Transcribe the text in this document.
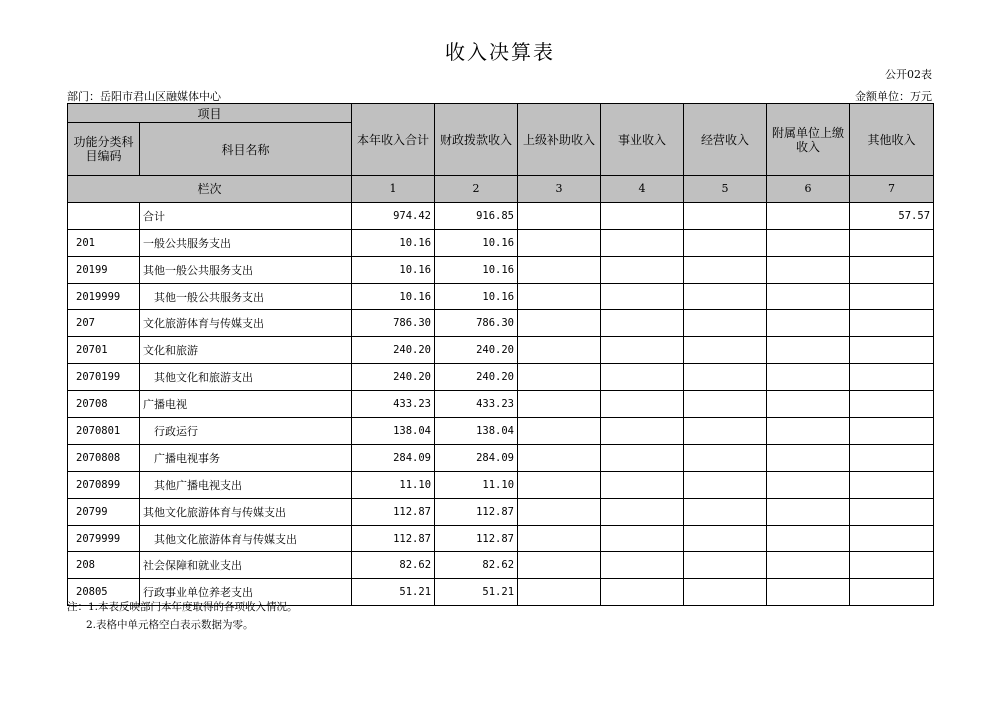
收入决算表
公开02表
部门：岳阳市君山区融媒体中心	金额单位：万元
项目		本年收入合计	财政拨款收入	上级补助收入	事业收入	经营收入	附属单位上缴收入	其他收入
功能分类科目编码	科目名称							
栏次		1	2	3	4	5	6	7
	合计	974.42	916.85					57.57
201	一般公共服务支出	10.16	10.16					
20199	其他一般公共服务支出	10.16	10.16					
2019999	其他一般公共服务支出	10.16	10.16					
207	文化旅游体育与传媒支出	786.30	786.30					
20701	文化和旅游	240.20	240.20					
2070199	其他文化和旅游支出	240.20	240.20					
20708	广播电视	433.23	433.23					
2070801	行政运行	138.04	138.04					
2070808	广播电视事务	284.09	284.09					
2070899	其他广播电视支出	11.10	11.10					
20799	其他文化旅游体育与传媒支出	112.87	112.87					
2079999	其他文化旅游体育与传媒支出	112.87	112.87					
208	社会保障和就业支出	82.62	82.62					
20805	行政事业单位养老支出	51.21	51.21					
注：1.本表反映部门本年度取得的各项收入情况。
2.表格中单元格空白表示数据为零。
